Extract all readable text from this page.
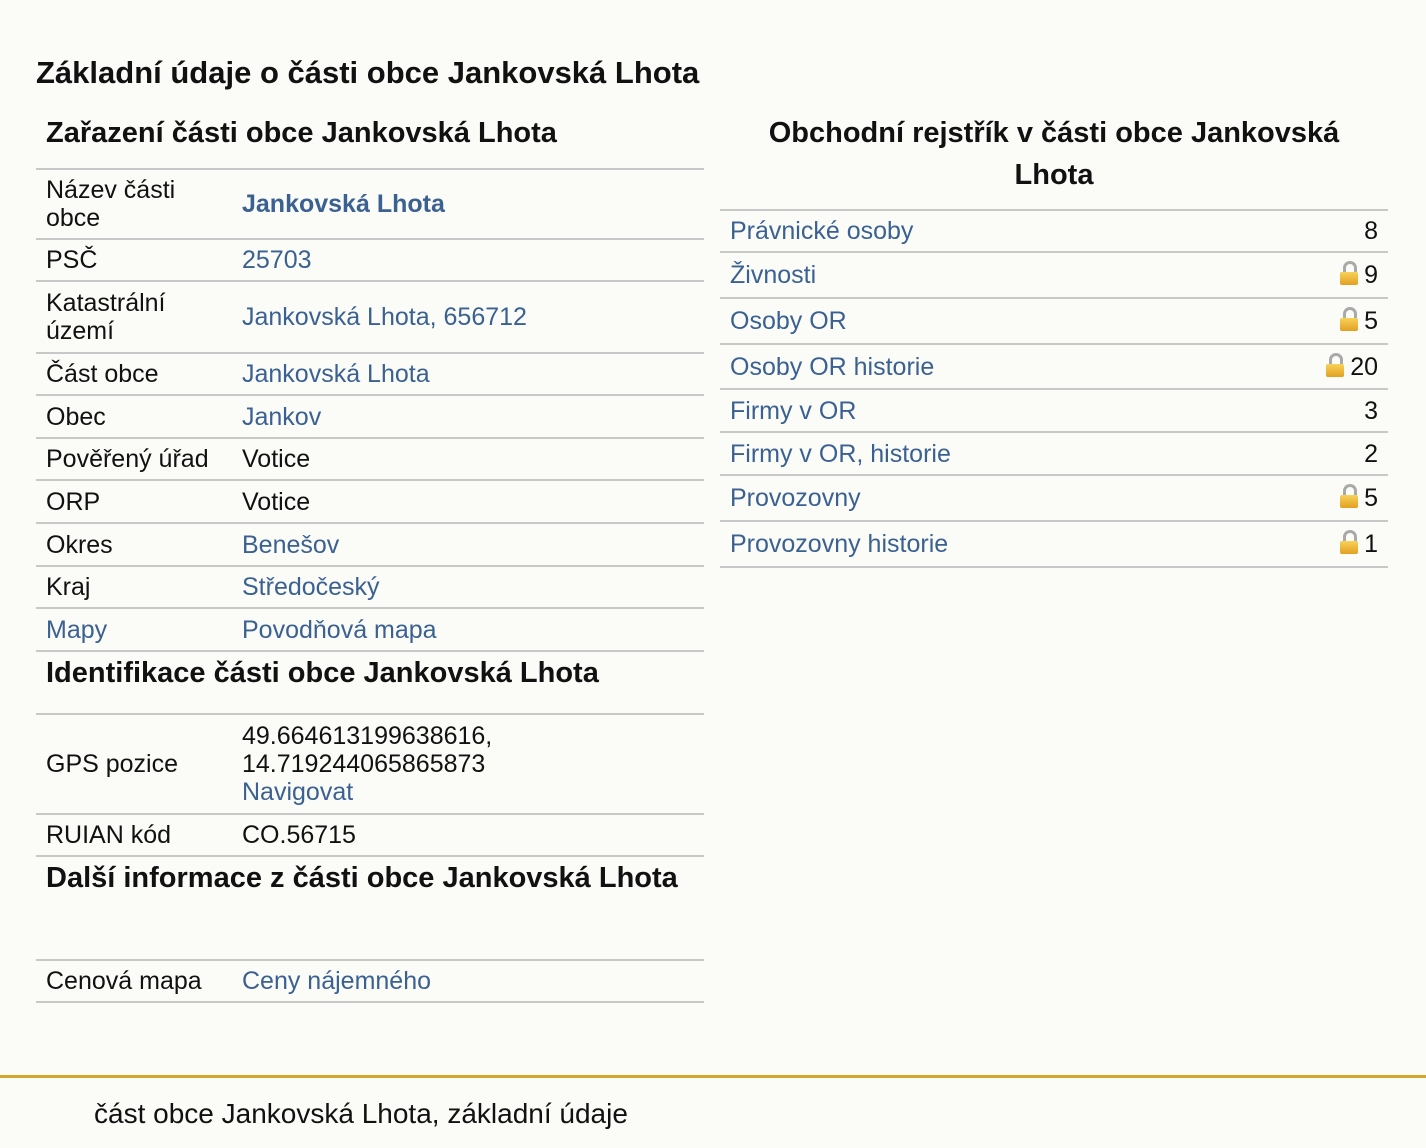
Základní údaje o části obce Jankovská Lhota
Zařazení části obce Jankovská Lhota
Název části obce	Jankovská Lhota
PSČ	25703
Katastrální území	Jankovská Lhota, 656712
Část obce	Jankovská Lhota
Obec	Jankov
Pověřený úřad	Votice
ORP	Votice
Okres	Benešov
Kraj	Středočeský
Mapy	Povodňová mapa
Identifikace části obce Jankovská Lhota
GPS pozice	49.664613199638616,
14.719244065865873
Navigovat
RUIAN kód	CO.56715
Další informace z části obce Jankovská Lhota
Cenová mapa	Ceny nájemného
Obchodní rejstřík v části obce Jankovská Lhota
Právnické osoby	8
Živnosti	9
Osoby OR	5
Osoby OR historie	20
Firmy v OR	3
Firmy v OR, historie	2
Provozovny	5
Provozovny historie	1
část obce Jankovská Lhota, základní údaje
